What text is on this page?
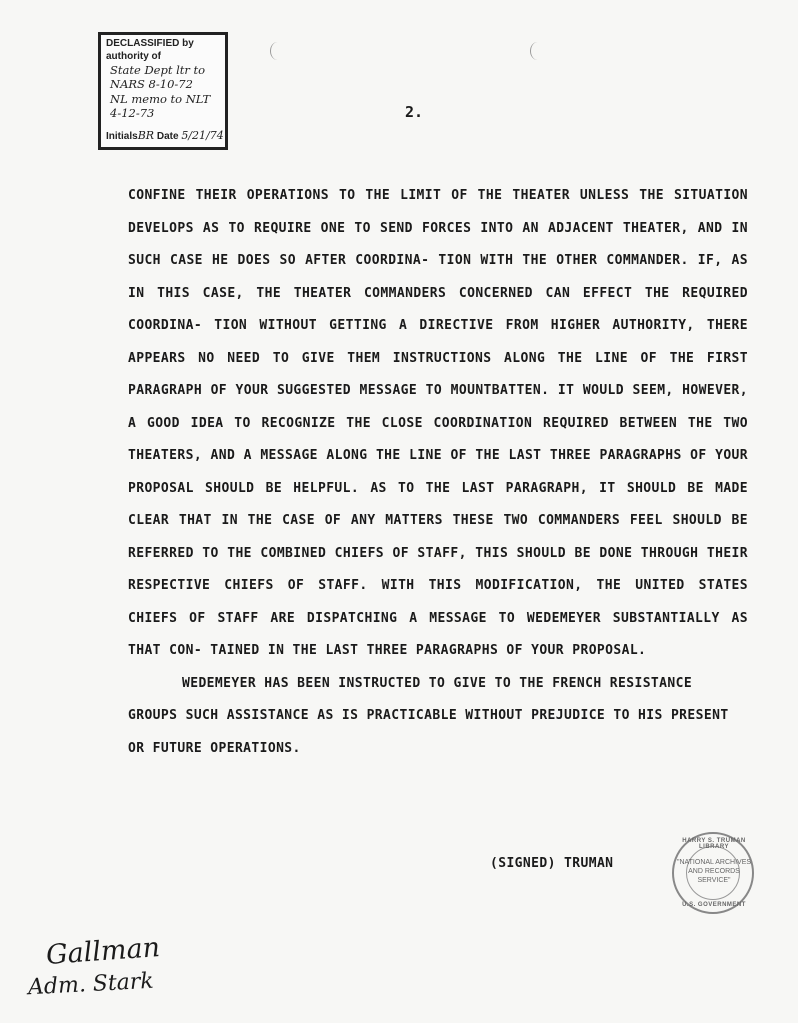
DECLASSIFIED by authority of
State Dept ltr to
NARS 8-10-72
NL memo to NLT
4-12-73
InitialsBR Date 5/21/74
2.

CONFINE THEIR OPERATIONS TO THE LIMIT OF THE THEATER UNLESS THE SITUATION DEVELOPS AS TO REQUIRE ONE TO SEND FORCES INTO AN ADJACENT THEATER, AND IN SUCH CASE HE DOES SO AFTER COORDINA- TION WITH THE OTHER COMMANDER. IF, AS IN THIS CASE, THE THEATER COMMANDERS CONCERNED CAN EFFECT THE REQUIRED COORDINA- TION WITHOUT GETTING A DIRECTIVE FROM HIGHER AUTHORITY, THERE APPEARS NO NEED TO GIVE THEM INSTRUCTIONS ALONG THE LINE OF THE FIRST PARAGRAPH OF YOUR SUGGESTED MESSAGE TO MOUNTBATTEN. IT WOULD SEEM, HOWEVER, A GOOD IDEA TO RECOGNIZE THE CLOSE COORDINATION REQUIRED BETWEEN THE TWO THEATERS, AND A MESSAGE ALONG THE LINE OF THE LAST THREE PARAGRAPHS OF YOUR PROPOSAL SHOULD BE HELPFUL. AS TO THE LAST PARAGRAPH, IT SHOULD BE MADE CLEAR THAT IN THE CASE OF ANY MATTERS THESE TWO COMMANDERS FEEL SHOULD BE REFERRED TO THE COMBINED CHIEFS OF STAFF, THIS SHOULD BE DONE THROUGH THEIR RESPECTIVE CHIEFS OF STAFF. WITH THIS MODIFICATION, THE UNITED STATES CHIEFS OF STAFF ARE DISPATCHING A MESSAGE TO WEDEMEYER SUBSTANTIALLY AS THAT CON- TAINED IN THE LAST THREE PARAGRAPHS OF YOUR PROPOSAL.

WEDEMEYER HAS BEEN INSTRUCTED TO GIVE TO THE FRENCH RESISTANCE GROUPS SUCH ASSISTANCE AS IS PRACTICABLE WITHOUT PREJUDICE TO HIS PRESENT OR FUTURE OPERATIONS.

(SIGNED) TRUMAN
HARRY S. TRUMAN LIBRARY
"NATIONAL ARCHIVES AND RECORDS SERVICE"
U.S. GOVERNMENT
Gallman
Adm. Stark
